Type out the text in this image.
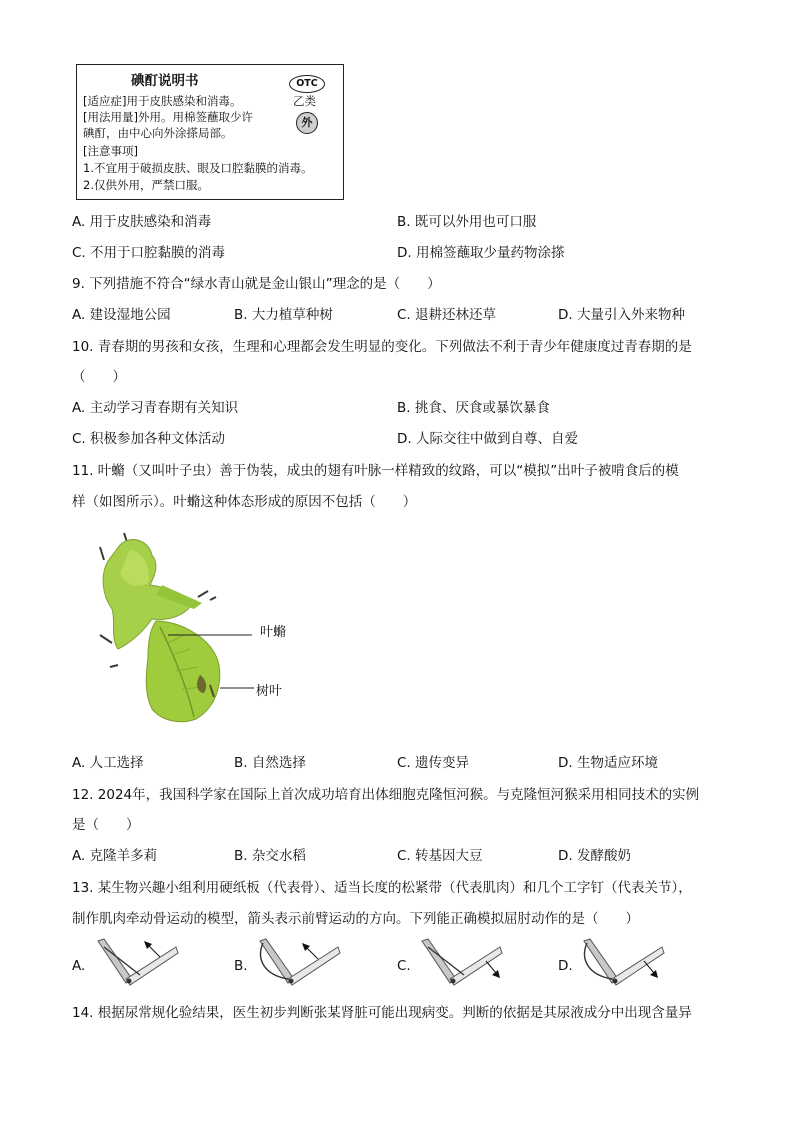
碘酊说明书	OTC
乙类
外
[适应症]用于皮肤感染和消毒。
[用法用量]外用。用棉签蘸取少许
碘酊，由中心向外涂搽局部。
[注意事项]
1.不宜用于破损皮肤、眼及口腔黏膜的消毒。
2.仅供外用，严禁口服。
A. 用于皮肤感染和消毒	B. 既可以外用也可口服
C. 不用于口腔黏膜的消毒	D. 用棉签蘸取少量药物涂搽
9. 下列措施不符合“绿水青山就是金山银山”理念的是（　　）
A. 建设湿地公园	B. 大力植草种树	C. 退耕还林还草	D. 大量引入外来物种
10. 青春期的男孩和女孩，生理和心理都会发生明显的变化。下列做法不利于青少年健康度过青春期的是
（　　）
A. 主动学习青春期有关知识	B. 挑食、厌食或暴饮暴食
C. 积极参加各种文体活动	D. 人际交往中做到自尊、自爱
11. 叶䗛（又叫叶子虫）善于伪装，成虫的翅有叶脉一样精致的纹路，可以“模拟”出叶子被啃食后的模
样（如图所示）。叶䗛这种体态形成的原因不包括（　　）
叶䗛
树叶
A. 人工选择	B. 自然选择	C. 遗传变异	D. 生物适应环境
12. 2024年，我国科学家在国际上首次成功培育出体细胞克隆恒河猴。与克隆恒河猴采用相同技术的实例
是（　　）
A. 克隆羊多莉	B. 杂交水稻	C. 转基因大豆	D. 发酵酸奶
13. 某生物兴趣小组利用硬纸板（代表骨）、适当长度的松紧带（代表肌肉）和几个工字钉（代表关节），
制作肌肉牵动骨运动的模型，箭头表示前臂运动的方向。下列能正确模拟屈肘动作的是（　　）
A.	B.	C.	D.
14. 根据尿常规化验结果，医生初步判断张某肾脏可能出现病变。判断的依据是其尿液成分中出现含量异
